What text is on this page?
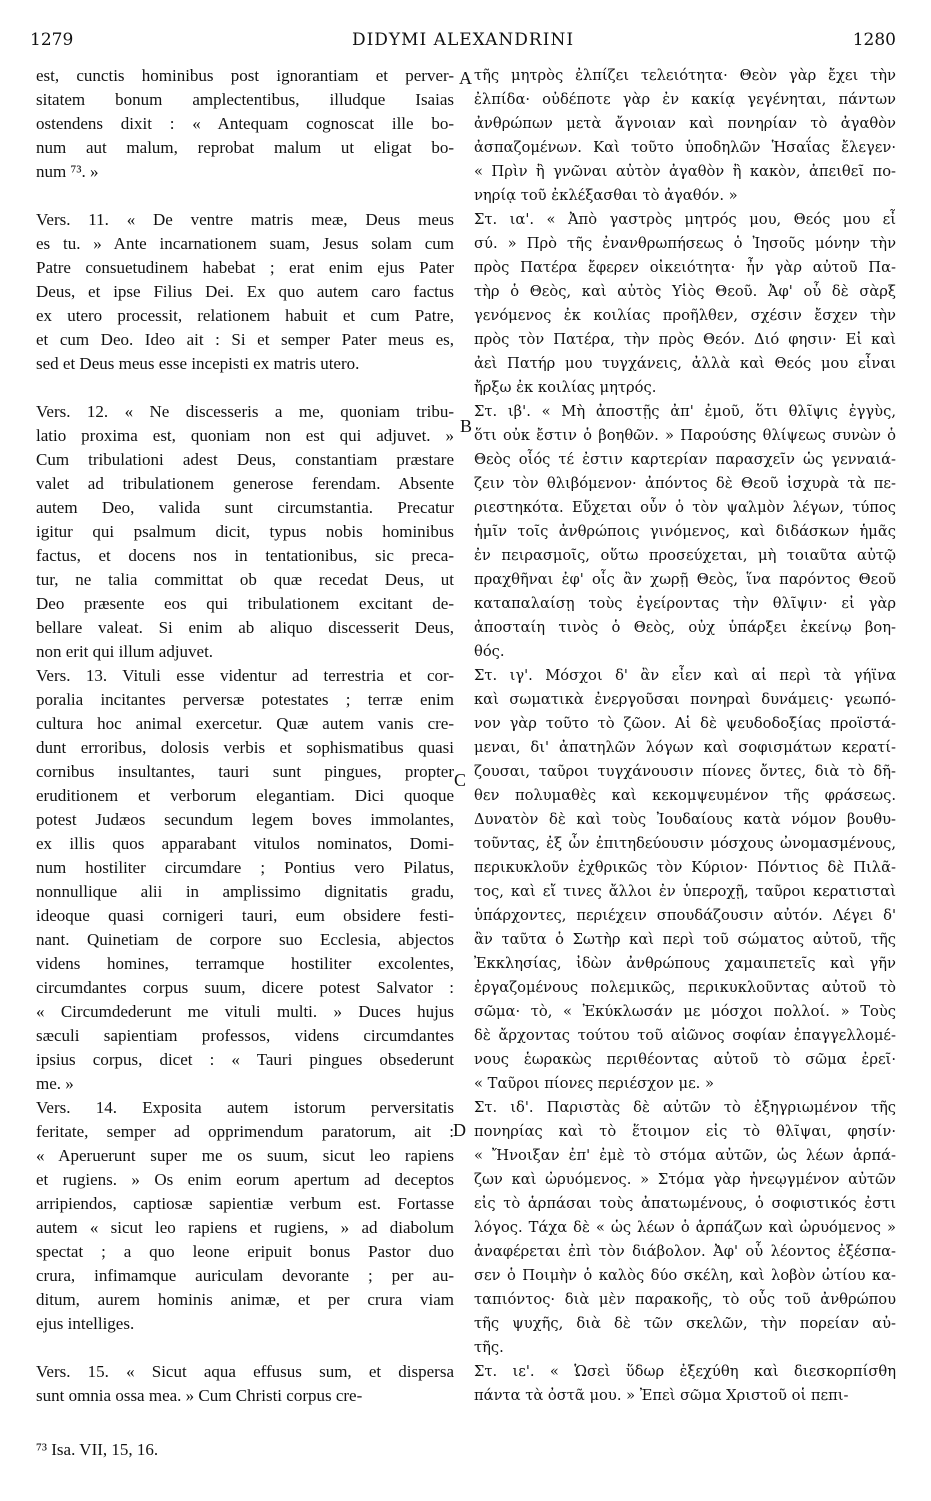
1279	DIDYMI ALEXANDRINI	1280
est, cunctis hominibus post ignorantiam et perver-
sitatem bonum amplectentibus, illudque Isaias
ostendens dixit : « Antequam cognoscat ille bo-
num aut malum, reprobat malum ut eligat bo-
num ⁷³. »
Vers. 11. « De ventre matris meæ, Deus meus
es tu. » Ante incarnationem suam, Jesus solam cum
Patre consuetudinem habebat ; erat enim ejus Pater
Deus, et ipse Filius Dei. Ex quo autem caro factus
ex utero processit, relationem habuit et cum Patre,
et cum Deo. Ideo ait : Si et semper Pater meus es,
sed et Deus meus esse incepisti ex matris utero.
Vers. 12. « Ne discesseris a me, quoniam tribu-
latio proxima est, quoniam non est qui adjuvet. »
Cum tribulationi adest Deus, constantiam præstare
valet ad tribulationem generose ferendam. Absente
autem Deo, valida sunt circumstantia. Precatur
igitur qui psalmum dicit, typus nobis hominibus
factus, et docens nos in tentationibus, sic preca-
tur, ne talia committat ob quæ recedat Deus, ut
Deo præsente eos qui tribulationem excitant de-
bellare valeat. Si enim ab aliquo discesserit Deus,
non erit qui illum adjuvet.
Vers. 13. Vituli esse videntur ad terrestria et cor-
poralia incitantes perversæ potestates ; terræ enim
cultura hoc animal exercetur. Quæ autem vanis cre-
dunt erroribus, dolosis verbis et sophismatibus quasi
cornibus insultantes, tauri sunt pingues, propter
eruditionem et verborum elegantiam. Dici quoque
potest Judæos secundum legem boves immolantes,
ex illis quos apparabant vitulos nominatos, Domi-
num hostiliter circumdare ; Pontius vero Pilatus,
nonnullique alii in amplissimo dignitatis gradu,
ideoque quasi cornigeri tauri, eum obsidere festi-
nant. Quinetiam de corpore suo Ecclesia, abjectos
videns homines, terramque hostiliter excolentes,
circumdantes corpus suum, dicere potest Salvator :
« Circumdederunt me vituli multi. » Duces hujus
sæculi sapientiam professos, videns circumdantes
ipsius corpus, dicet : « Tauri pingues obsederunt
me. »
Vers. 14. Exposita autem istorum perversitatis
feritate, semper ad opprimendum paratorum, ait :
« Aperuerunt super me os suum, sicut leo rapiens
et rugiens. » Os enim eorum apertum ad deceptos
arripiendos, captiosæ sapientiæ verbum est. Fortasse
autem « sicut leo rapiens et rugiens, » ad diabolum
spectat ; a quo leone eripuit bonus Pastor duo
crura, infimamque auriculam devorante ; per au-
ditum, aurem hominis animæ, et per crura viam
ejus intelliges.
Vers. 15. « Sicut aqua effusus sum, et dispersa
sunt omnia ossa mea. » Cum Christi corpus cre-
τῆς μητρὸς ἐλπίζει τελειότητα· Θεὸν γὰρ ἔχει τὴν
ἐλπίδα· οὐδέποτε γὰρ ἐν κακίᾳ γεγένηται, πάντων
ἀνθρώπων μετὰ ἄγνοιαν καὶ πονηρίαν τὸ ἀγαθὸν
ἀσπαζομένων. Καὶ τοῦτο ὑποδηλῶν Ἡσαΐας ἔλεγεν·
« Πρὶν ἢ γνῶναι αὐτὸν ἀγαθὸν ἢ κακὸν, ἀπειθεῖ πο-
νηρίᾳ τοῦ ἐκλέξασθαι τὸ ἀγαθόν. »
Στ. ια'. « Ἀπὸ γαστρὸς μητρός μου, Θεός μου εἶ
σύ. » Πρὸ τῆς ἐνανθρωπήσεως ὁ Ἰησοῦς μόνην τὴν
πρὸς Πατέρα ἔφερεν οἰκειότητα· ἦν γὰρ αὐτοῦ Πα-
τὴρ ὁ Θεὸς, καὶ αὐτὸς Υἱὸς Θεοῦ. Ἀφ' οὗ δὲ σὰρξ
γενόμενος ἐκ κοιλίας προῆλθεν, σχέσιν ἔσχεν τὴν
πρὸς τὸν Πατέρα, τὴν πρὸς Θεόν. Διό φησιν· Εἰ καὶ
ἀεὶ Πατήρ μου τυγχάνεις, ἀλλὰ καὶ Θεός μου εἶναι
ἤρξω ἐκ κοιλίας μητρός.
Στ. ιβ'. « Μὴ ἀποστῇς ἀπ' ἐμοῦ, ὅτι θλῖψις ἐγγὺς,
ὅτι οὐκ ἔστιν ὁ βοηθῶν. » Παρούσης θλίψεως συνὼν ὁ
Θεὸς οἷός τέ ἐστιν καρτερίαν παρασχεῖν ὡς γενναιά-
ζειν τὸν θλιβόμενον· ἀπόντος δὲ Θεοῦ ἰσχυρὰ τὰ πε-
ριεστηκότα. Εὔχεται οὖν ὁ τὸν ψαλμὸν λέγων, τύπος
ἡμῖν τοῖς ἀνθρώποις γινόμενος, καὶ διδάσκων ἡμᾶς
ἐν πειρασμοῖς, οὕτω προσεύχεται, μὴ τοιαῦτα αὐτῷ
πραχθῆναι ἐφ' οἷς ἂν χωρῇ Θεὸς, ἵνα παρόντος Θεοῦ
καταπαλαίσῃ τοὺς ἐγείροντας τὴν θλῖψιν· εἰ γὰρ
ἀποσταίη τινὸς ὁ Θεὸς, οὐχ ὑπάρξει ἐκείνῳ βοη-
θός.
Στ. ιγ'. Μόσχοι δ' ἂν εἶεν καὶ αἱ περὶ τὰ γήϊνα
καὶ σωματικὰ ἐνεργοῦσαι πονηραὶ δυνάμεις· γεωπό-
νον γὰρ τοῦτο τὸ ζῶον. Αἱ δὲ ψευδοδοξίας προϊστά-
μεναι, δι' ἀπατηλῶν λόγων καὶ σοφισμάτων κερατί-
ζουσαι, ταῦροι τυγχάνουσιν πίονες ὄντες, διὰ τὸ δῆ-
θεν πολυμαθὲς καὶ κεκομψευμένον τῆς φράσεως.
Δυνατὸν δὲ καὶ τοὺς Ἰουδαίους κατὰ νόμον βουθυ-
τοῦντας, ἐξ ὧν ἐπιτηδεύουσιν μόσχους ὠνομασμένους,
περικυκλοῦν ἐχθρικῶς τὸν Κύριον· Πόντιος δὲ Πιλᾶ-
τος, καὶ εἴ τινες ἄλλοι ἐν ὑπεροχῇ, ταῦροι κερατισταὶ
ὑπάρχοντες, περιέχειν σπουδάζουσιν αὐτόν. Λέγει δ'
ἂν ταῦτα ὁ Σωτὴρ καὶ περὶ τοῦ σώματος αὐτοῦ, τῆς
Ἐκκλησίας, ἰδὼν ἀνθρώπους χαμαιπετεῖς καὶ γῆν
ἐργαζομένους πολεμικῶς, περικυκλοῦντας αὐτοῦ τὸ
σῶμα· τὸ, « Ἐκύκλωσάν με μόσχοι πολλοί. » Τοὺς
δὲ ἄρχοντας τούτου τοῦ αἰῶνος σοφίαν ἐπαγγελλομέ-
νους ἑωρακὼς περιθέοντας αὐτοῦ τὸ σῶμα ἐρεῖ·
« Ταῦροι πίονες περιέσχον με. »
Στ. ιδ'. Παριστὰς δὲ αὐτῶν τὸ ἐξηγριωμένον τῆς
πονηρίας καὶ τὸ ἕτοιμον εἰς τὸ θλῖψαι, φησίν·
« Ἤνοιξαν ἐπ' ἐμὲ τὸ στόμα αὐτῶν, ὡς λέων ἁρπά-
ζων καὶ ὠρυόμενος. » Στόμα γὰρ ἠνεῳγμένον αὐτῶν
εἰς τὸ ἁρπάσαι τοὺς ἀπατωμένους, ὁ σοφιστικός ἐστι
λόγος. Τάχα δὲ « ὡς λέων ὁ ἁρπάζων καὶ ὠρυόμενος »
ἀναφέρεται ἐπὶ τὸν διάβολον. Ἀφ' οὗ λέοντος ἐξέσπα-
σεν ὁ Ποιμὴν ὁ καλὸς δύο σκέλη, καὶ λοβὸν ὠτίου κα-
ταπιόντος· διὰ μὲν παρακοῆς, τὸ οὖς τοῦ ἀνθρώπου
τῆς ψυχῆς, διὰ δὲ τῶν σκελῶν, τὴν πορείαν αὐ-
τῆς.
Στ. ιε'. « Ὡσεὶ ὕδωρ ἐξεχύθη καὶ διεσκορπίσθη
πάντα τὰ ὀστᾶ μου. » Ἐπεὶ σῶμα Χριστοῦ οἱ πεπι-
A
B
C
D
⁷³ Isa. VII, 15, 16.
